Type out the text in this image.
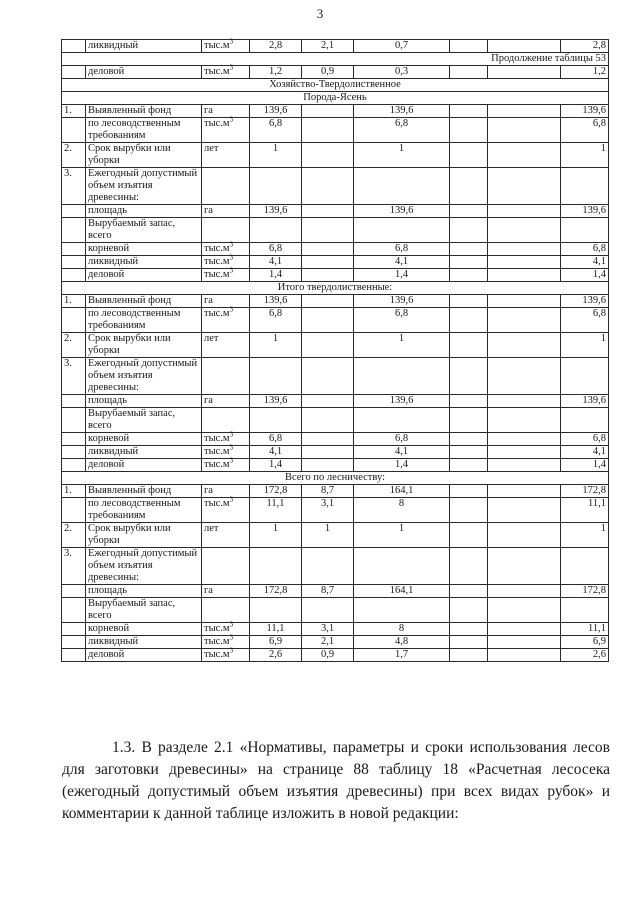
3
	ликвидный	$тыс.м^3$	2,8	2,1	0,7			2,8
Продолжение таблицы 53								
	деловой	$тыс.м^3$	1,2	0,9	0,3			1,2
Хозяйство-Твердолиственное								
Порода-Ясень								
1.	Выявленный фонд	га	139,6		139,6			139,6
	по лесоводственным требованиям	$тыс.м^3$	6,8		6,8			6,8
2.	Срок вырубки или уборки	лет	1		1			1
3.	Ежегодный допустимый объем изъятия древесины:							
	площадь	га	139,6		139,6			139,6
	Вырубаемый запас, всего							
	корневой	$тыс.м^3$	6,8		6,8			6,8
	ликвидный	$тыс.м^3$	4,1		4,1			4,1
	деловой	$тыс.м^3$	1,4		1,4			1,4
Итого твердолиственные:								
1.	Выявленный фонд	га	139,6		139,6			139,6
	по лесоводственным требованиям	$тыс.м^3$	6,8		6,8			6,8
2.	Срок вырубки или уборки	лет	1		1			1
3.	Ежегодный допустимый объем изъятия древесины:							
	площадь	га	139,6		139,6			139,6
	Вырубаемый запас, всего							
	корневой	$тыс.м^3$	6,8		6,8			6,8
	ликвидный	$тыс.м^3$	4,1		4,1			4,1
	деловой	$тыс.м^3$	1,4		1,4			1,4
Всего по лесничеству:								
1.	Выявленный фонд	га	172,8	8,7	164,1			172,8
	по лесоводственным требованиям	$тыс.м^3$	11,1	3,1	8			11,1
2.	Срок вырубки или уборки	лет	1	1	1			1
3.	Ежегодный допустимый объем изъятия древесины:							
	площадь	га	172,8	8,7	164,1			172,8
	Вырубаемый запас, всего							
	корневой	$тыс.м^3$	11,1	3,1	8			11,1
	ликвидный	$тыс.м^3$	6,9	2,1	4,8			6,9
	деловой	$тыс.м^3$	2,6	0,9	1,7			2,6
1.3. В разделе 2.1 «Нормативы, параметры и сроки использования лесов для заготовки древесины» на странице 88 таблицу 18 «Расчетная лесосека (ежегодный допустимый объем изъятия древесины) при всех видах рубок» и комментарии к данной таблице изложить в новой редакции:
